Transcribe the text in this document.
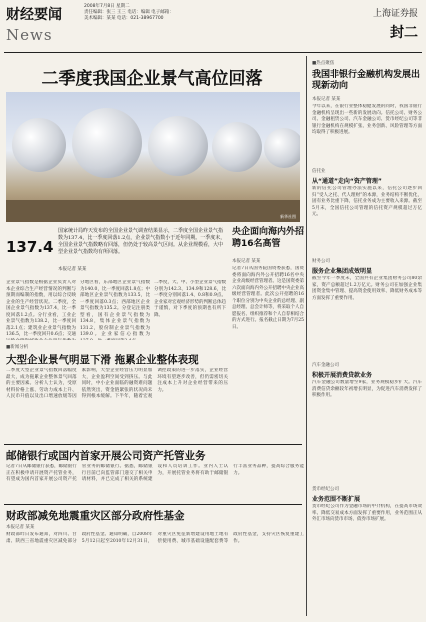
财经要闻
News
2008年7月8日 星期二
责任编辑：张三 王三 电话：编辑 电子邮箱：
美术编辑：某某 电话：021-38967700	上海证券报
封二
二季度我国企业景气高位回落
新华社图
137.4
国家统计局昨天发布的全国企业景气调查结果显示，二季度全国企业景气指数为137.4，比一季度回落1.2点，企业景气指数小于近年同期。一季度末，全国企业景气指数略有回落，但仍处于较高景气区间。从企业规模看，大中型企业景气指数均有所回落。
本报记者 某某
央企面向海内外招聘16名高管
本报记者 某某
记者7日从国务院国资委获悉，国资委将面向海内外公开招聘16名中央企业高级经营管理者。这是国资委第六次面向海内外公开招聘中央企业高级经营管理者。此次公开招聘的16个职位分别为中央企业的总经理、副总经理、总会计师等，将采取个人自愿报名、组织推荐和个人自荐相结合的方式进行。报名截止日期为7月25日。
企业景气指数是根据企业负责人对本企业综合生产经营情况的判断与预期而编制的指数，用以综合反映企业的生产经营状况。二季度，全国企业景气指数为137.4，比一季度回落1.2点。分行业看，工业企业景气指数为138.2，比一季度回落2.1点；建筑业企业景气指数为136.5，比一季度回升0.6点；交通
分地区看，东部地区企业景气指数为140.0，比一季度回落1.8点；中部地区企业景气指数为133.5，比一季度回落0.3点；西部地区企业景气指数为135.2。分登记注册类型看，国有企业景气指数为134.8，集体企业景气指数为131.2，股份制企业景气指数为139.0。企业家信心指数为
二季度，大、中、小型企业景气指数分别为142.3、134.9和128.6，比一季度分别回落1.4、0.8和0.9点。企业家对宏观经济形势的判断总体趋于谨慎，对下季度的预期也有所下降。
■新闻分析
大型企业景气明显下滑 拖累企业整体表现
二季度大型企业景气指数回落幅度最大，成为拖累企业整体景气回落的主要因素。分析人士认为，受原材料价格上涨、劳动力成本上升、人民币升值以及出口增速放缓等因素影响，大型企业经营压力明显加大，企业盈利空间受到挤压。与此同时，中小企业面临的融资难问题依然突出，资金链紧张的状况尚未得到根本缓解。下半年，随着宏观调控政策的进一步落实，企业经营环境有望逐步改善，但仍需密切关注成本上升对企业经营带来的压力。
邮储银行或国内首家开展公司资产托管业务
记者7日从邮储银行获悉，邮储银行正在积极申请开展资产托管业务，有望成为国内首家开展公司资产托管业务的邮储银行。据悉，邮储银行目前已向监管部门递交了相关申请材料，并已完成了相关的系统建设和人员培训工作。业内人士认为，开展托管业务将有助于邮储银行丰富业务品种，提高综合服务能力。
财政部减免地震重灾区部分政府性基金
本报记者 某某
财政部昨日发布通知，对四川、甘肃、陕西三省地震重灾区减免部分政府性基金。通知明确，自2008年5月12日起至2010年12月31日，对重灾区免征新增建设用地土地有偿使用费、城市基础设施配套费等政府性基金，支持灾区恢复重建工作。
■热点聚焦
我国非银行金融机构发展出现新动向
本报记者 某某
今年以来，在银行业整体稳健发展的同时，我国非银行金融机构呈现出一些新的发展动向。信托公司、财务公司、金融租赁公司、汽车金融公司、货币经纪公司等非银行金融机构在规模扩张、业务创新、风险管理等方面均取得了积极进展。
信托业
从“通道”走向“资产管理”
新的信托公司管理办法实施以来，信托公司逐步回归“受人之托、代人理财”的本源，业务结构不断优化，固有业务比重下降，信托业务成为主要收入来源。截至5月末，全国信托公司管理的信托资产规模超过万亿元。
财务公司
服务企业集团成效明显
截至今年一季度末，全国共有企业集团财务公司80余家，资产总额超过1.2万亿元。财务公司在加强企业集团资金集中管理、提高资金使用效率、降低财务成本等方面发挥了重要作用。
汽车金融公司
积极开展消费贷款业务
汽车金融公司数量增至9家，业务规模稳步扩大。汽车消费信贷余额较年初增长明显，为促进汽车消费发挥了积极作用。
货币经纪公司
业务范围不断扩展
货币经纪公司作为金融市场的中介机构，在提高市场效率、降低交易成本方面发挥了重要作用，业务范围正从外汇市场向货币市场、债券市场扩展。
